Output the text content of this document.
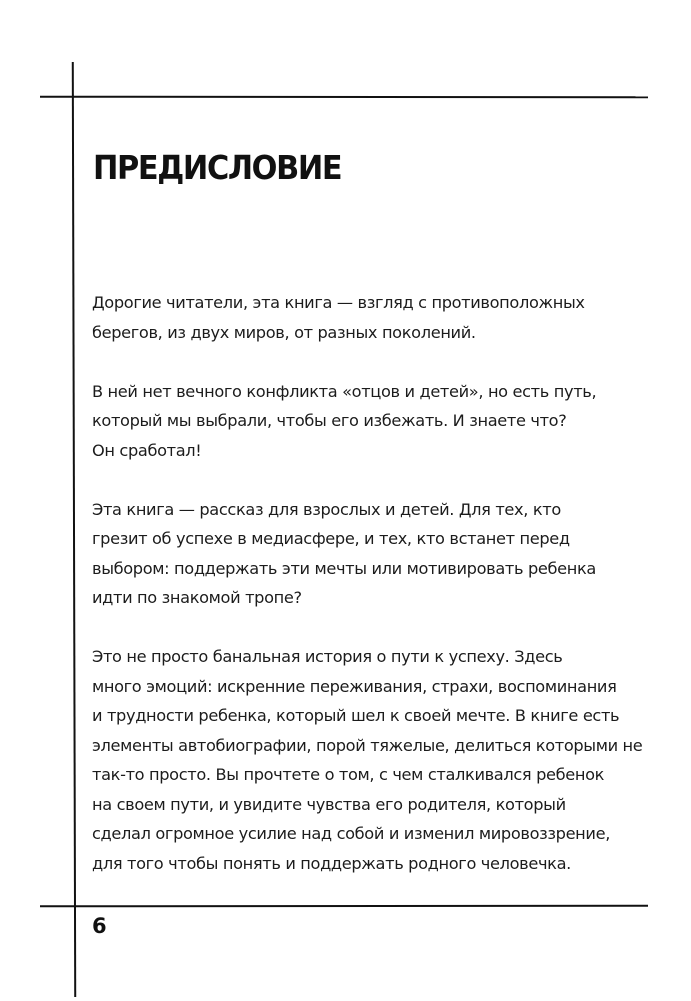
ПРЕДИСЛОВИЕ

Дорогие читатели, эта книга — взгляд с противоположных
берегов, из двух миров, от разных поколений.

В ней нет вечного конфликта «отцов и детей», но есть путь,
который мы выбрали, чтобы его избежать. И знаете что?
Он сработал!

Эта книга — рассказ для взрослых и детей. Для тех, кто
грезит об успехе в медиасфере, и тех, кто встанет перед
выбором: поддержать эти мечты или мотивировать ребенка
идти по знакомой тропе?

Это не просто банальная история о пути к успеху. Здесь
много эмоций: искренние переживания, страхи, воспоминания
и трудности ребенка, который шел к своей мечте. В книге есть
элементы автобиографии, порой тяжелые, делиться которыми не
так-то просто. Вы прочтете о том, с чем сталкивался ребенок
на своем пути, и увидите чувства его родителя, который
сделал огромное усилие над собой и изменил мировоззрение,
для того чтобы понять и поддержать родного человечка.

6
